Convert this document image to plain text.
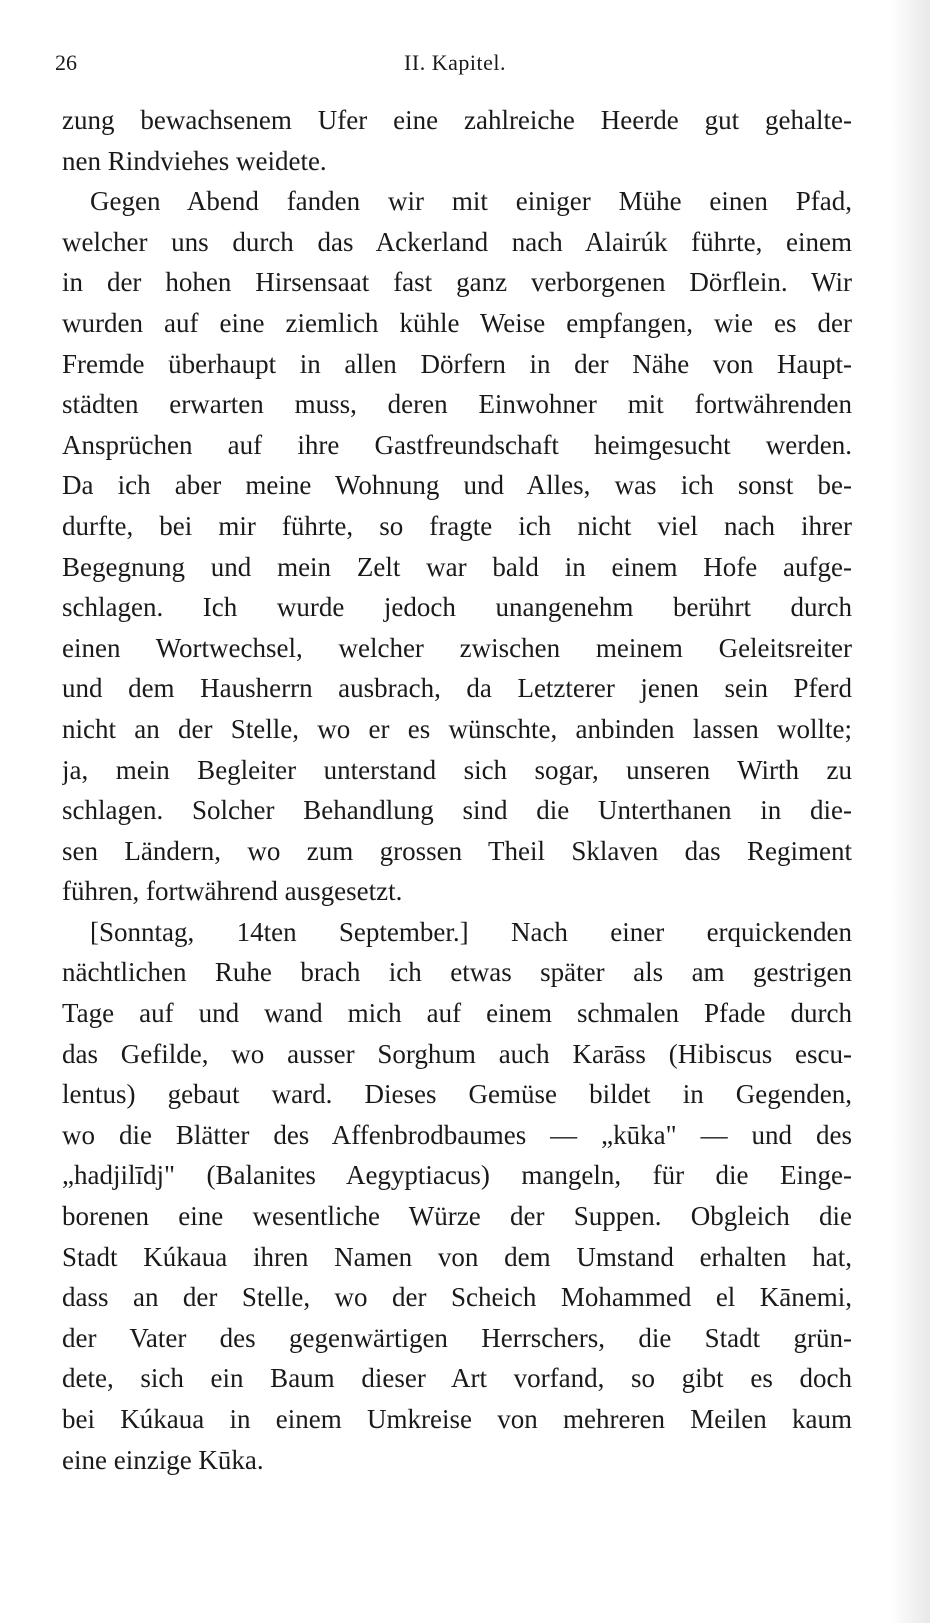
26	II. Kapitel.
zung bewachsenem Ufer eine zahlreiche Heerde gut gehalte-
nen Rindviehes weidete.
Gegen Abend fanden wir mit einiger Mühe einen Pfad,
welcher uns durch das Ackerland nach Alairúk führte, einem
in der hohen Hirsensaat fast ganz verborgenen Dörflein. Wir
wurden auf eine ziemlich kühle Weise empfangen, wie es der
Fremde überhaupt in allen Dörfern in der Nähe von Haupt-
städten erwarten muss, deren Einwohner mit fortwährenden
Ansprüchen auf ihre Gastfreundschaft heimgesucht werden.
Da ich aber meine Wohnung und Alles, was ich sonst be-
durfte, bei mir führte, so fragte ich nicht viel nach ihrer
Begegnung und mein Zelt war bald in einem Hofe aufge-
schlagen. Ich wurde jedoch unangenehm berührt durch
einen Wortwechsel, welcher zwischen meinem Geleitsreiter
und dem Hausherrn ausbrach, da Letzterer jenen sein Pferd
nicht an der Stelle, wo er es wünschte, anbinden lassen wollte;
ja, mein Begleiter unterstand sich sogar, unseren Wirth zu
schlagen. Solcher Behandlung sind die Unterthanen in die-
sen Ländern, wo zum grossen Theil Sklaven das Regiment
führen, fortwährend ausgesetzt.
[Sonntag, 14ten September.] Nach einer erquickenden
nächtlichen Ruhe brach ich etwas später als am gestrigen
Tage auf und wand mich auf einem schmalen Pfade durch
das Gefilde, wo ausser Sorghum auch Karāss (Hibiscus escu-
lentus) gebaut ward. Dieses Gemüse bildet in Gegenden,
wo die Blätter des Affenbrodbaumes — „kūka" — und des
„hadjilīdj" (Balanites Aegyptiacus) mangeln, für die Einge-
borenen eine wesentliche Würze der Suppen. Obgleich die
Stadt Kúkaua ihren Namen von dem Umstand erhalten hat,
dass an der Stelle, wo der Scheich Mohammed el Kānemi,
der Vater des gegenwärtigen Herrschers, die Stadt grün-
dete, sich ein Baum dieser Art vorfand, so gibt es doch
bei Kúkaua in einem Umkreise von mehreren Meilen kaum
eine einzige Kūka.
